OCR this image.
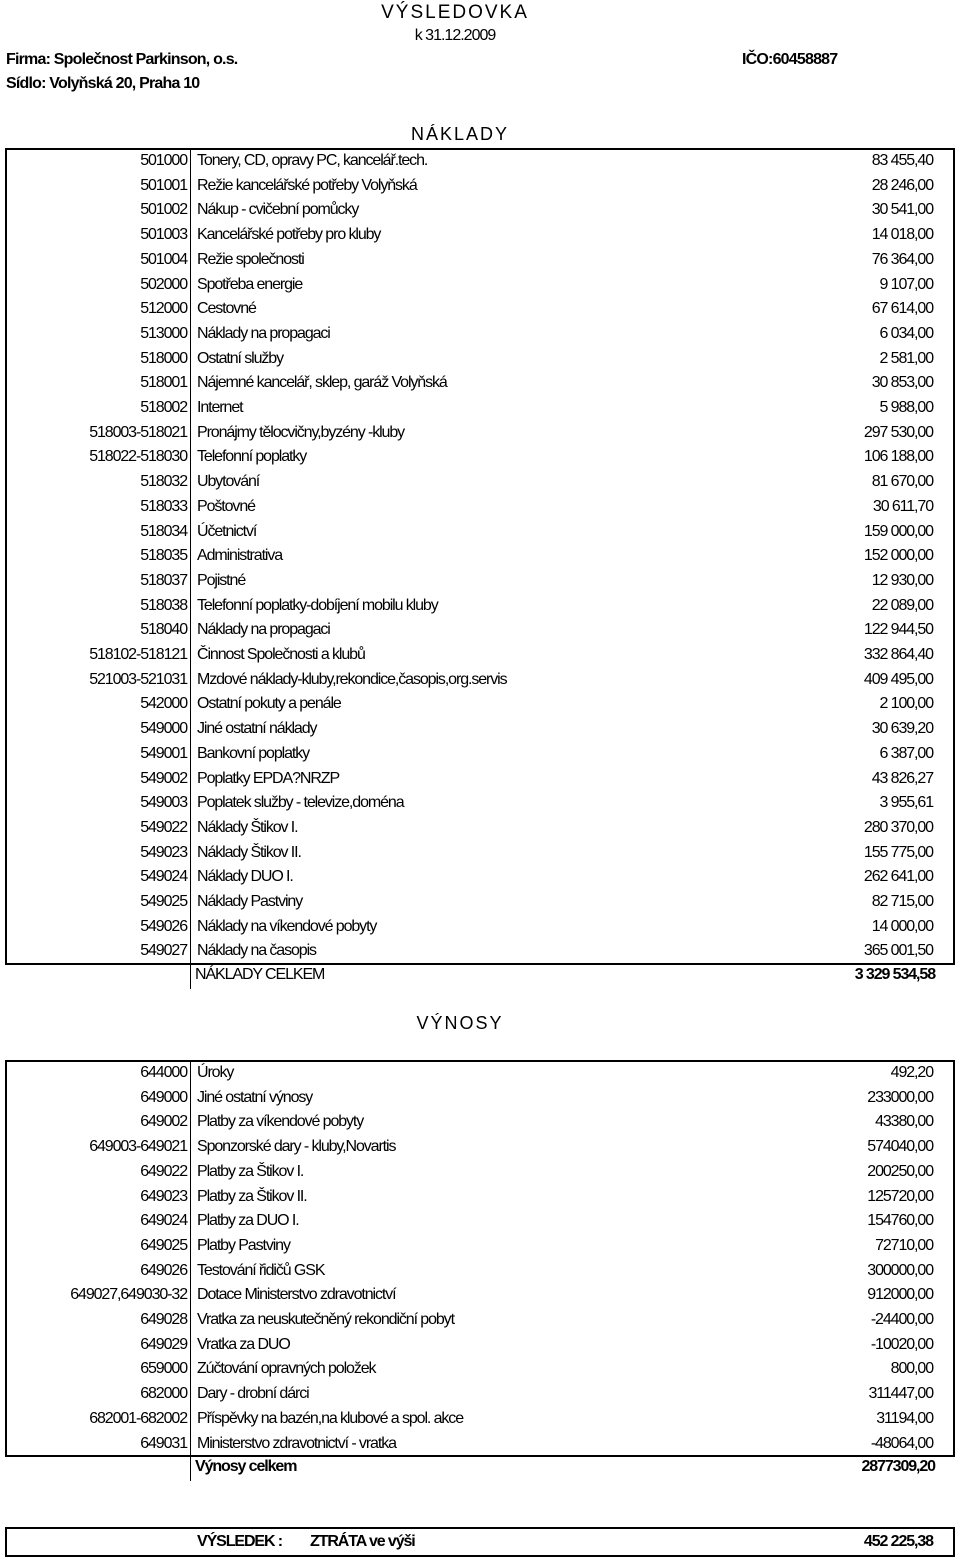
VÝSLEDOVKA
k 31.12.2009
Firma: Společnost Parkinson, o.s.	IČO:60458887
Sídlo: Volyňská 20, Praha 10
NÁKLADY
501000 Tonery, CD, opravy PC, kancelář.tech.	83 455,40
501001 Režie kancelářské potřeby Volyňská	28 246,00
501002 Nákup - cvičební pomůcky	30 541,00
501003 Kancelářské potřeby pro kluby	14 018,00
501004 Režie společnosti	76 364,00
502000 Spotřeba energie	9 107,00
512000 Cestovné	67 614,00
513000 Náklady na propagaci	6 034,00
518000 Ostatní služby	2 581,00
518001 Nájemné kancelář, sklep, garáž Volyňská	30 853,00
518002 Internet	5 988,00
518003-518021 Pronájmy tělocvičny,byzény -kluby	297 530,00
518022-518030 Telefonní poplatky	106 188,00
518032 Ubytování	81 670,00
518033 Poštovné	30 611,70
518034 Účetnictví	159 000,00
518035 Administrativa	152 000,00
518037 Pojistné	12 930,00
518038 Telefonní poplatky-dobíjení mobilu kluby	22 089,00
518040 Náklady na propagaci	122 944,50
518102-518121 Činnost Společnosti a klubů	332 864,40
521003-521031 Mzdové náklady-kluby,rekondice,časopis,org.servis	409 495,00
542000 Ostatní pokuty a penále	2 100,00
549000 Jiné ostatní náklady	30 639,20
549001 Bankovní poplatky	6 387,00
549002 Poplatky EPDA?NRZP	43 826,27
549003 Poplatek služby - televize,doména	3 955,61
549022 Náklady Štikov I.	280 370,00
549023 Náklady Štikov II.	155 775,00
549024 Náklady DUO I.	262 641,00
549025 Náklady Pastviny	82 715,00
549026 Náklady na víkendové pobyty	14 000,00
549027 Náklady na časopis	365 001,50
NÁKLADY CELKEM	3 329 534,58
VÝNOSY
644000 Úroky	492,20
649000 Jiné ostatní výnosy	233000,00
649002 Platby za víkendové pobyty	43380,00
649003-649021 Sponzorské dary - kluby,Novartis	574040,00
649022 Platby za Štikov I.	200250,00
649023 Platby za Štikov II.	125720,00
649024 Platby za DUO I.	154760,00
649025 Platby Pastviny	72710,00
649026 Testování řidičů GSK	300000,00
649027,649030-32 Dotace Ministerstvo zdravotnictví	912000,00
649028 Vratka za neuskutečněný rekondiční pobyt	-24400,00
649029 Vratka za DUO	-10020,00
659000 Zúčtování opravných položek	800,00
682000 Dary - drobní dárci	311447,00
682001-682002 Příspěvky na bazén,na klubové a spol. akce	31194,00
649031 Ministerstvo zdravotnictví - vratka	-48064,00
Výnosy celkem	2877309,20
VÝSLEDEK : ZTRÁTA ve výši	452 225,38
